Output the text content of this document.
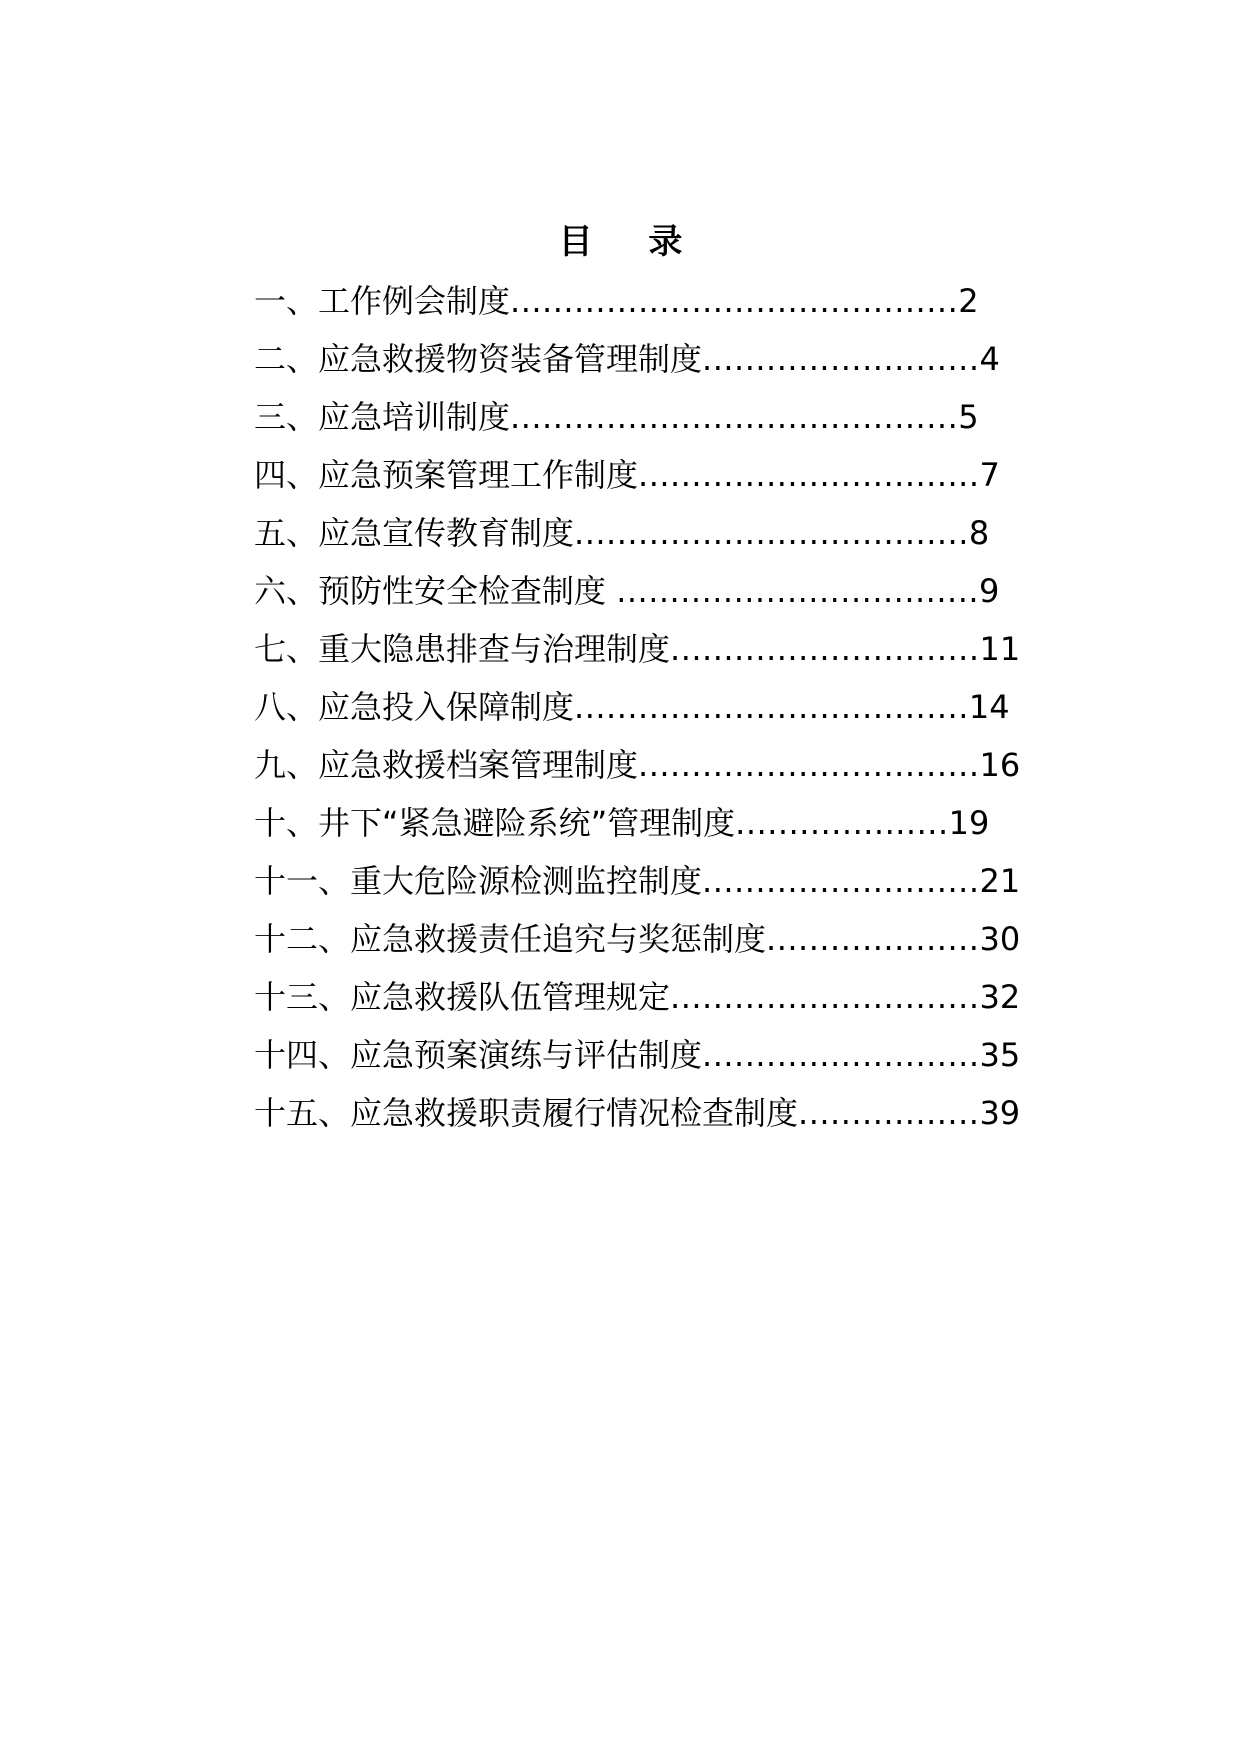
目 录
一、工作例会制度..........................................2
二、应急救援物资装备管理制度..........................4
三、应急培训制度..........................................5
四、应急预案管理工作制度................................7
五、应急宣传教育制度.....................................8
六、预防性安全检查制度 ..................................9
七、重大隐患排查与治理制度.............................11
八、应急投入保障制度.....................................14
九、应急救援档案管理制度................................16
十、井下“紧急避险系统”管理制度....................19
十一、重大危险源检测监控制度..........................21
十二、应急救援责任追究与奖惩制度....................30
十三、应急救援队伍管理规定.............................32
十四、应急预案演练与评估制度..........................35
十五、应急救援职责履行情况检查制度.................39
